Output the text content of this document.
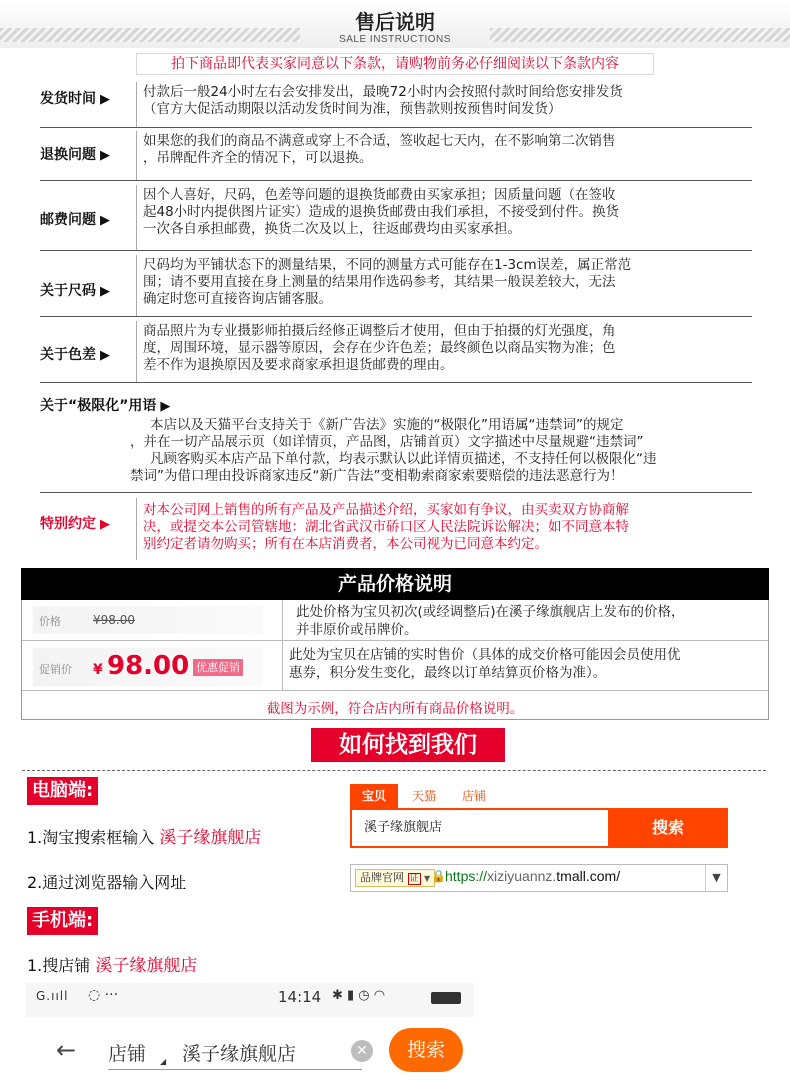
售后说明
SALE INSTRUCTIONS
拍下商品即代表买家同意以下条款，请购物前务必仔细阅读以下条款内容
发货时间 ▶ 付款后一般24小时左右会安排发出，最晚72小时内会按照付款时间给您安排发货
（官方大促活动期限以活动发货时间为准，预售款则按预售时间发货）
退换问题 ▶
如果您的我们的商品不满意或穿上不合适，签收起七天内，在不影响第二次销售
，吊牌配件齐全的情况下，可以退换。
邮费问题 ▶
因个人喜好，尺码，色差等问题的退换货邮费由买家承担；因质量问题（在签收
起48小时内提供图片证实）造成的退换货邮费由我们承担，不接受到付件。换货
一次各自承担邮费，换货二次及以上，往返邮费均由买家承担。
关于尺码 ▶
尺码均为平铺状态下的测量结果，不同的测量方式可能存在1-3cm误差，属正常范
围；请不要用直接在身上测量的结果用作选码参考，其结果一般误差较大，无法
确定时您可直接咨询店铺客服。
关于色差 ▶
商品照片为专业摄影师拍摄后经修正调整后才使用，但由于拍摄的灯光强度，角
度，周围环境，显示器等原因，会存在少许色差；最终颜色以商品实物为准；色
差不作为退换原因及要求商家承担退货邮费的理由。
关于“极限化”用语 ▶
本店以及天猫平台支持关于《新广告法》实施的“极限化”用语属“违禁词”的规定
，并在一切产品展示页（如详情页，产品图，店铺首页）文字描述中尽量规避“违禁词”
凡顾客购买本店产品下单付款，均表示默认以此详情页描述，不支持任何以极限化“违
禁词”为借口理由投诉商家违反“新广告法”变相勒索商家索要赔偿的违法恶意行为！
特别约定 ▶
对本公司网上销售的所有产品及产品描述介绍，买家如有争议，由买卖双方协商解
决，或提交本公司管辖地：湖北省武汉市硚口区人民法院诉讼解决；如不同意本特
别约定者请勿购买；所有在本店消费者，本公司视为已同意本约定。
产品价格说明
价格	¥98.00	此处价格为宝贝初次(或经调整后)在溪子缘旗舰店上发布的价格，
并非原价或吊牌价。
促销价 ¥ 98.00 优惠促销
此处为宝贝在店铺的实时售价（具体的成交价格可能因会员使用优
惠券，积分发生变化，最终以订单结算页价格为准）。
截图为示例，符合店内所有商品价格说明。
如何找到我们
电脑端:
1.淘宝搜索框输入 溪子缘旗舰店
2.通过浏览器输入网址
宝贝	天猫	店铺
溪子缘旗舰店	搜索
品牌官网 证 ▼ 🔒 https://xiziyuannz.tmall.com/	▼
手机端:
1.搜店铺 溪子缘旗舰店
G.ııll ◌ ···	14:14 ✱ ▮ ◷ ◠
← 店铺 ◢ 溪子缘旗舰店	✕	搜索
